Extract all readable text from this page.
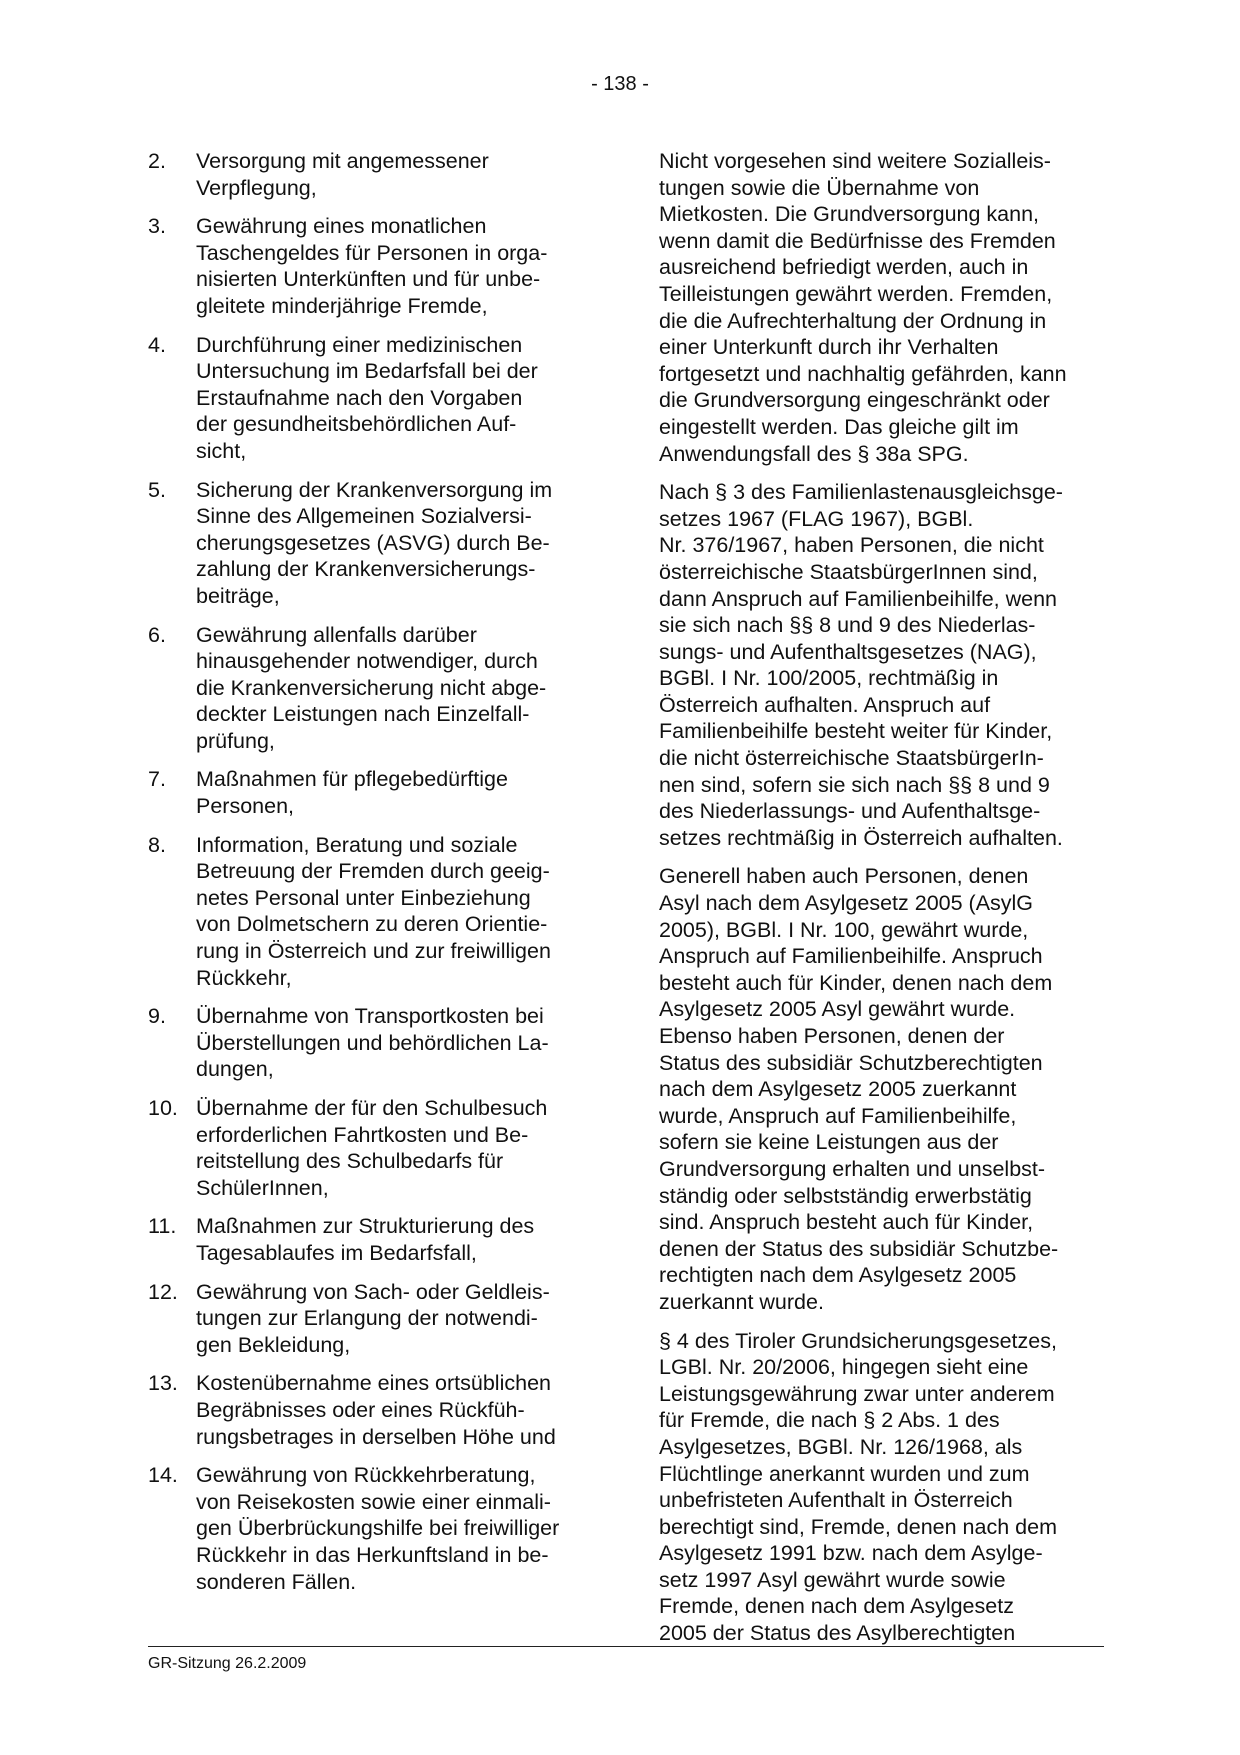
- 138 -
2.	Versorgung mit angemessener
Verpflegung,
3.	Gewährung eines monatlichen
Taschengeldes für Personen in orga-
nisierten Unterkünften und für unbe-
gleitete minderjährige Fremde,
4.	Durchführung einer medizinischen
Untersuchung im Bedarfsfall bei der
Erstaufnahme nach den Vorgaben
der gesundheitsbehördlichen Auf-
sicht,
5.	Sicherung der Krankenversorgung im
Sinne des Allgemeinen Sozialversi-
cherungsgesetzes (ASVG) durch Be-
zahlung der Krankenversicherungs-
beiträge,
6.	Gewährung allenfalls darüber
hinausgehender notwendiger, durch
die Krankenversicherung nicht abge-
deckter Leistungen nach Einzelfall-
prüfung,
7.	Maßnahmen für pflegebedürftige
Personen,
8.	Information, Beratung und soziale
Betreuung der Fremden durch geeig-
netes Personal unter Einbeziehung
von Dolmetschern zu deren Orientie-
rung in Österreich und zur freiwilligen
Rückkehr,
9.	Übernahme von Transportkosten bei
Überstellungen und behördlichen La-
dungen,
10. Übernahme der für den Schulbesuch
erforderlichen Fahrtkosten und Be-
reitstellung des Schulbedarfs für
SchülerInnen,
11. Maßnahmen zur Strukturierung des
Tagesablaufes im Bedarfsfall,
12. Gewährung von Sach- oder Geldleis-
tungen zur Erlangung der notwendi-
gen Bekleidung,
13. Kostenübernahme eines ortsüblichen
Begräbnisses oder eines Rückfüh-
rungsbetrages in derselben Höhe und
14. Gewährung von Rückkehrberatung,
von Reisekosten sowie einer einmali-
gen Überbrückungshilfe bei freiwilliger
Rückkehr in das Herkunftsland in be-
sonderen Fällen.

Nicht vorgesehen sind weitere Sozialleis-
tungen sowie die Übernahme von
Mietkosten. Die Grundversorgung kann,
wenn damit die Bedürfnisse des Fremden
ausreichend befriedigt werden, auch in
Teilleistungen gewährt werden. Fremden,
die die Aufrechterhaltung der Ordnung in
einer Unterkunft durch ihr Verhalten
fortgesetzt und nachhaltig gefährden, kann
die Grundversorgung eingeschränkt oder
eingestellt werden. Das gleiche gilt im
Anwendungsfall des § 38a SPG.

Nach § 3 des Familienlastenausgleichsge-
setzes 1967 (FLAG 1967), BGBl.
Nr. 376/1967, haben Personen, die nicht
österreichische StaatsbürgerInnen sind,
dann Anspruch auf Familienbeihilfe, wenn
sie sich nach §§ 8 und 9 des Niederlas-
sungs- und Aufenthaltsgesetzes (NAG),
BGBl. I Nr. 100/2005, rechtmäßig in
Österreich aufhalten. Anspruch auf
Familienbeihilfe besteht weiter für Kinder,
die nicht österreichische StaatsbürgerIn-
nen sind, sofern sie sich nach §§ 8 und 9
des Niederlassungs- und Aufenthaltsge-
setzes rechtmäßig in Österreich aufhalten.

Generell haben auch Personen, denen
Asyl nach dem Asylgesetz 2005 (AsylG
2005), BGBl. I Nr. 100, gewährt wurde,
Anspruch auf Familienbeihilfe. Anspruch
besteht auch für Kinder, denen nach dem
Asylgesetz 2005 Asyl gewährt wurde.
Ebenso haben Personen, denen der
Status des subsidiär Schutzberechtigten
nach dem Asylgesetz 2005 zuerkannt
wurde, Anspruch auf Familienbeihilfe,
sofern sie keine Leistungen aus der
Grundversorgung erhalten und unselbst-
ständig oder selbstständig erwerbstätig
sind. Anspruch besteht auch für Kinder,
denen der Status des subsidiär Schutzbe-
rechtigten nach dem Asylgesetz 2005
zuerkannt wurde.

§ 4 des Tiroler Grundsicherungsgesetzes,
LGBl. Nr. 20/2006, hingegen sieht eine
Leistungsgewährung zwar unter anderem
für Fremde, die nach § 2 Abs. 1 des
Asylgesetzes, BGBl. Nr. 126/1968, als
Flüchtlinge anerkannt wurden und zum
unbefristeten Aufenthalt in Österreich
berechtigt sind, Fremde, denen nach dem
Asylgesetz 1991 bzw. nach dem Asylge-
setz 1997 Asyl gewährt wurde sowie
Fremde, denen nach dem Asylgesetz
2005 der Status des Asylberechtigten

GR-Sitzung 26.2.2009
